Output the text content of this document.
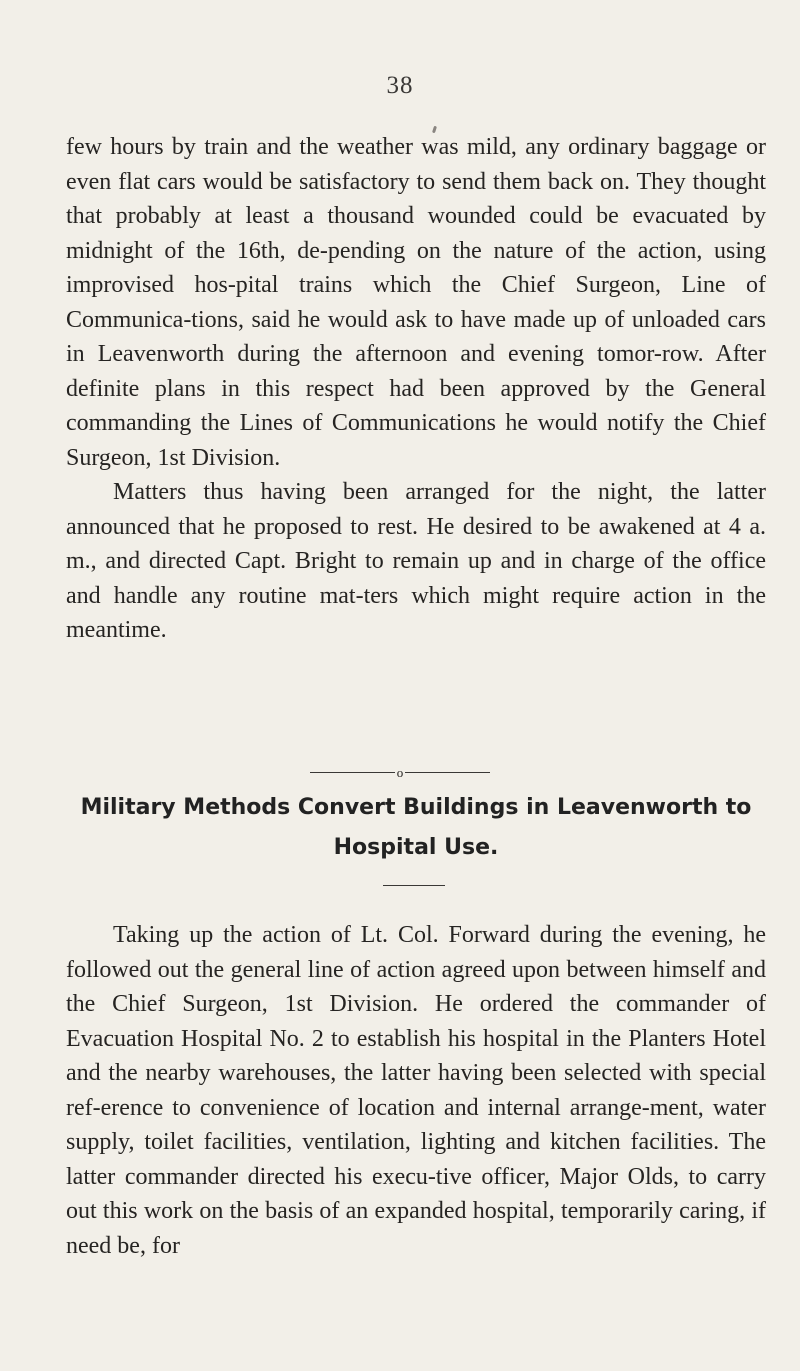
38

few hours by train and the weather was mild, any ordinary baggage or even flat cars would be satisfactory to send them back on. They thought that probably at least a thousand wounded could be evacuated by midnight of the 16th, de-pending on the nature of the action, using improvised hos-pital trains which the Chief Surgeon, Line of Communica-tions, said he would ask to have made up of unloaded cars in Leavenworth during the afternoon and evening tomor-row. After definite plans in this respect had been approved by the General commanding the Lines of Communications he would notify the Chief Surgeon, 1st Division.

Matters thus having been arranged for the night, the latter announced that he proposed to rest. He desired to be awakened at 4 a. m., and directed Capt. Bright to remain up and in charge of the office and handle any routine mat-ters which might require action in the meantime.

o
Military Methods Convert Buildings in Leavenworth to Hospital Use.

Taking up the action of Lt. Col. Forward during the evening, he followed out the general line of action agreed upon between himself and the Chief Surgeon, 1st Division. He ordered the commander of Evacuation Hospital No. 2 to establish his hospital in the Planters Hotel and the nearby warehouses, the latter having been selected with special ref-erence to convenience of location and internal arrange-ment, water supply, toilet facilities, ventilation, lighting and kitchen facilities. The latter commander directed his execu-tive officer, Major Olds, to carry out this work on the basis of an expanded hospital, temporarily caring, if need be, for
